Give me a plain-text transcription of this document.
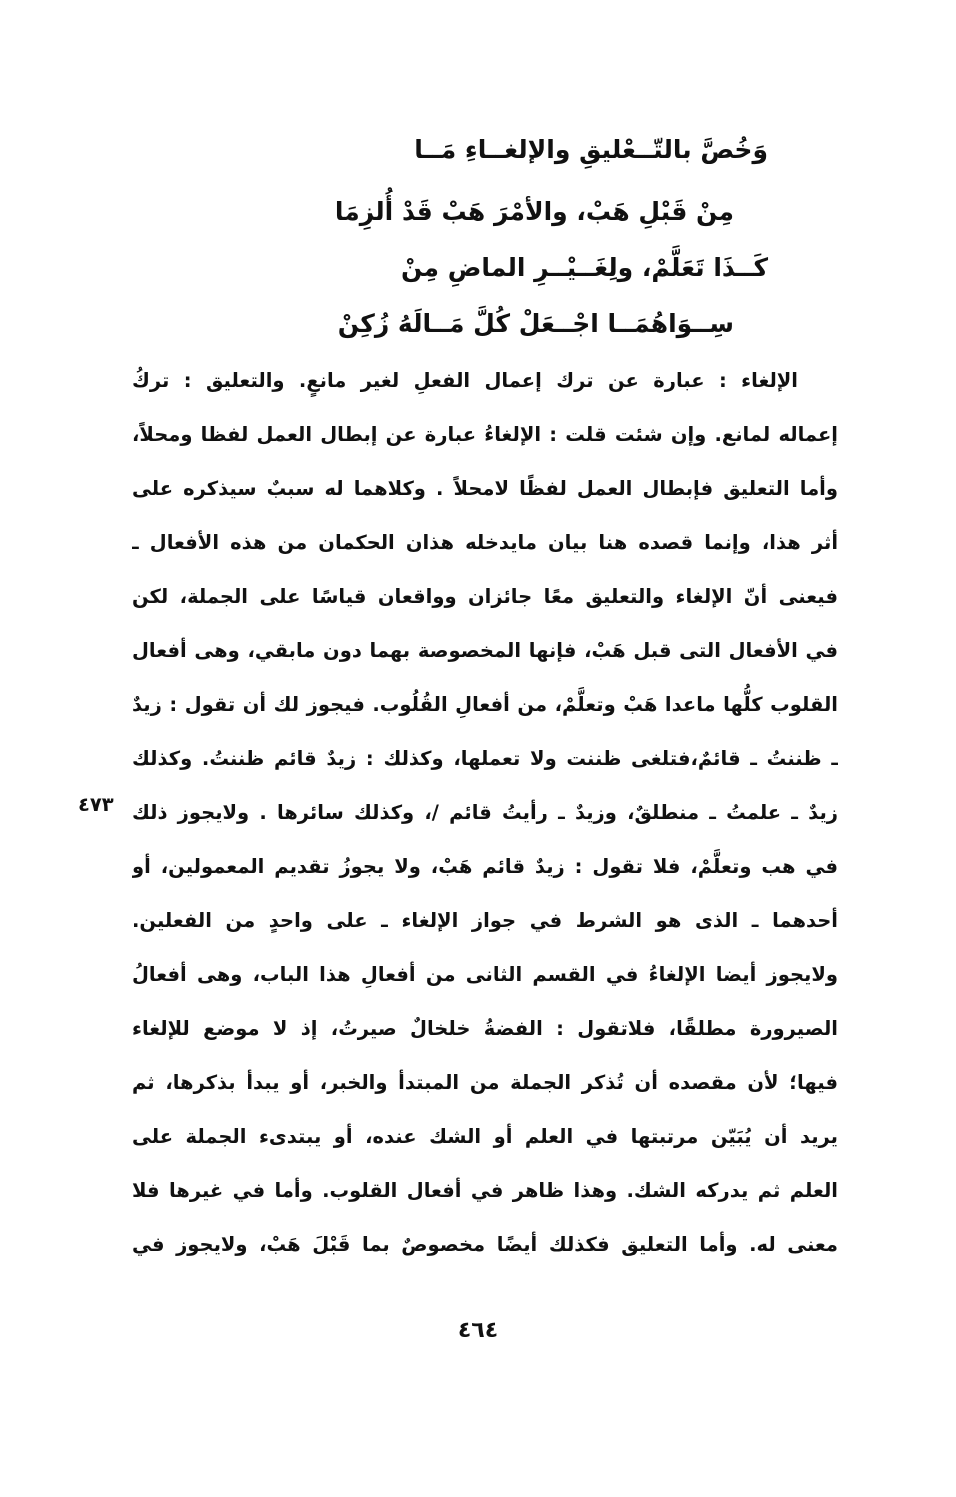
وَخُصَّ بالتّــعْليقِ والإلغــاءِ مَــا
مِنْ قَبْلِ هَبْ، والأمْرَ هَبْ قَدْ أُلزِمَا
كَــذَا تَعَلَّمْ، ولِغَــيْــرِ الماضِ مِنْ
سِــوَاهُمَــا اجْــعَلْ كُلَّ مَــالَهُ زُكِنْ
الإلغاء : عبارة عن ترك إعمال الفعلِ لغير مانعٍ. والتعليق : تركُ
إعماله لمانع. وإن شئت قلت : الإلغاءُ عبارة عن إبطال العمل لفظا ومحلاً،
وأما التعليق فإبطال العمل لفظًا لامحلاً . وكلاهما له سببٌ سيذكره على
أثر هذا، وإنما قصده هنا بيان مايدخله هذان الحكمان من هذه الأفعال ـ
فيعنى أنّ الإلغاء والتعليق معًا جائزان وواقعان قياسًا على الجملة، لكن
في الأفعال التى قبل هَبْ، فإنها المخصوصة بهما دون مابقي، وهى أفعال
القلوب كلُّها ماعدا هَبْ وتعلَّمْ، من أفعالِ القُلُوب. فيجوز لك أن تقول : زيدٌ
ـ ظننتُ ـ قائمٌ،فتلغى ظننت ولا تعملها، وكذلك : زيدٌ قائم ظننتُ. وكذلك
زيدٌ ـ علمتُ ـ منطلقٌ، وزيدٌ ـ رأيتُ قائم /، وكذلك سائرها . ولايجوز ذلك
في هب وتعلَّمْ، فلا تقول : زيدٌ قائم هَبْ، ولا يجوزُ تقديم المعمولين، أو
أحدهما ـ الذى هو الشرط في جواز الإلغاء ـ على واحدٍ من الفعلين.
ولايجوز أيضا الإلغاءُ في القسم الثانى من أفعالِ هذا الباب، وهى أفعالُ
الصيرورة مطلقًا، فلاتقول : الفضةُ خلخالٌ صيرتُ، إذ لا موضع للإلغاء
فيها؛ لأن مقصده أن تُذكر الجملة من المبتدأ والخبر، أو يبدأ بذكرها، ثم
يريد أن يُبَيّن مرتبتها في العلم أو الشك عنده، أو يبتدىء الجملة على
العلم ثم يدركه الشك. وهذا ظاهر في أفعال القلوب. وأما في غيرها فلا
معنى له. وأما التعليق فكذلك أيضًا مخصوصٌ بما قَبْلَ هَبْ، ولايجوز في
٤٧٣
٤٦٤
